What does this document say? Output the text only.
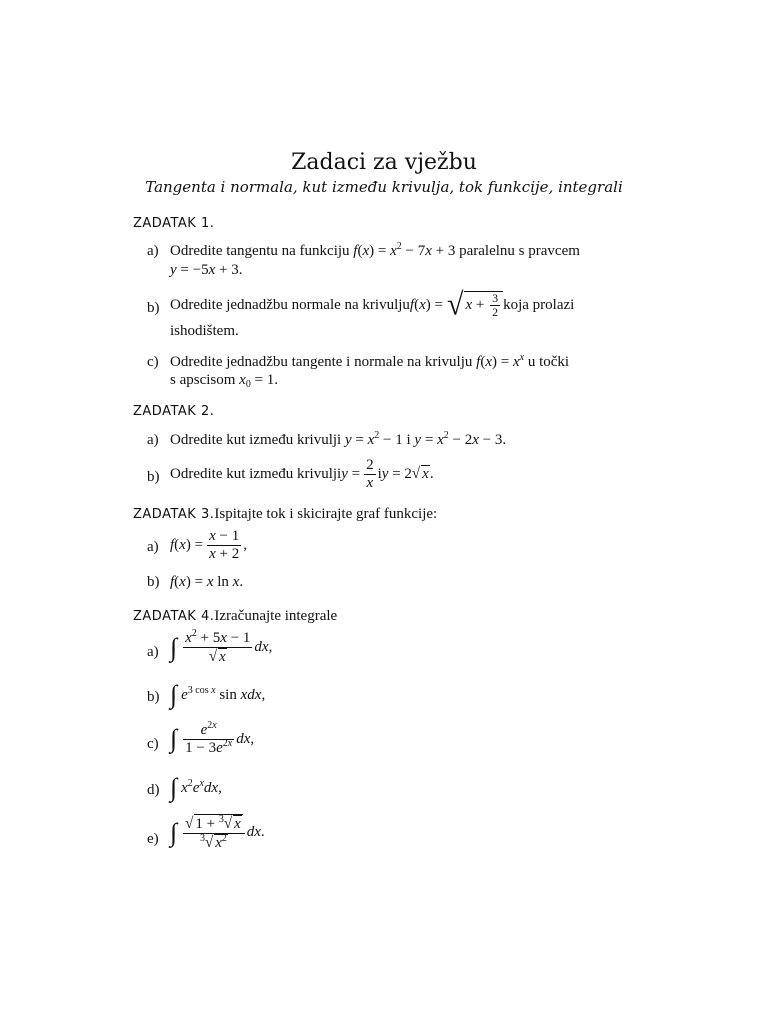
Zadaci za vježbu
Tangenta i normala, kut između krivulja, tok funkcije, integrali
ZADATAK 1.
a) Odredite tangentu na funkciju $f(x) = x^2 - 7x + 3$ paralelnu s pravcem
y = −5x + 3.
b) Odredite jednadžbu normale na krivulju f(x) = √ $x + \frac{3}{2}$ koja prolazi
ishodištem.
c) Odredite jednadžbu tangente i normale na krivulju $f(x) = x^x$ u točki
s apscisom $x_0 = 1$.
ZADATAK 2.
a) Odredite kut između krivulji $y = x^2 - 1$ i $y = x^2 - 2x - 3$.
b) Odredite kut između krivulji $y = \frac{2}{x}$ i y = 2√ x.
ZADATAK 3.Ispitajte tok i skicirajte graf funkcije:
a) $f(x) = \frac{x - 1}{x + 2}$ ,
b) f(x) = x ln x.
ZADATAK 4.Izračunajte integrale
a) ∫ $\frac{x^2 + 5x - 1}{√ x}$ dx,
b) ∫ $e^{3 cos x}$ sin xdx,
c) ∫ $\frac{e^{2x}}{1 - 3e^{2x}}$ dx,
d) ∫ $x^2e^xdx$,
e) ∫ $\frac{√ 1 + ^3√ x}{^3√ x^2}$ dx.
